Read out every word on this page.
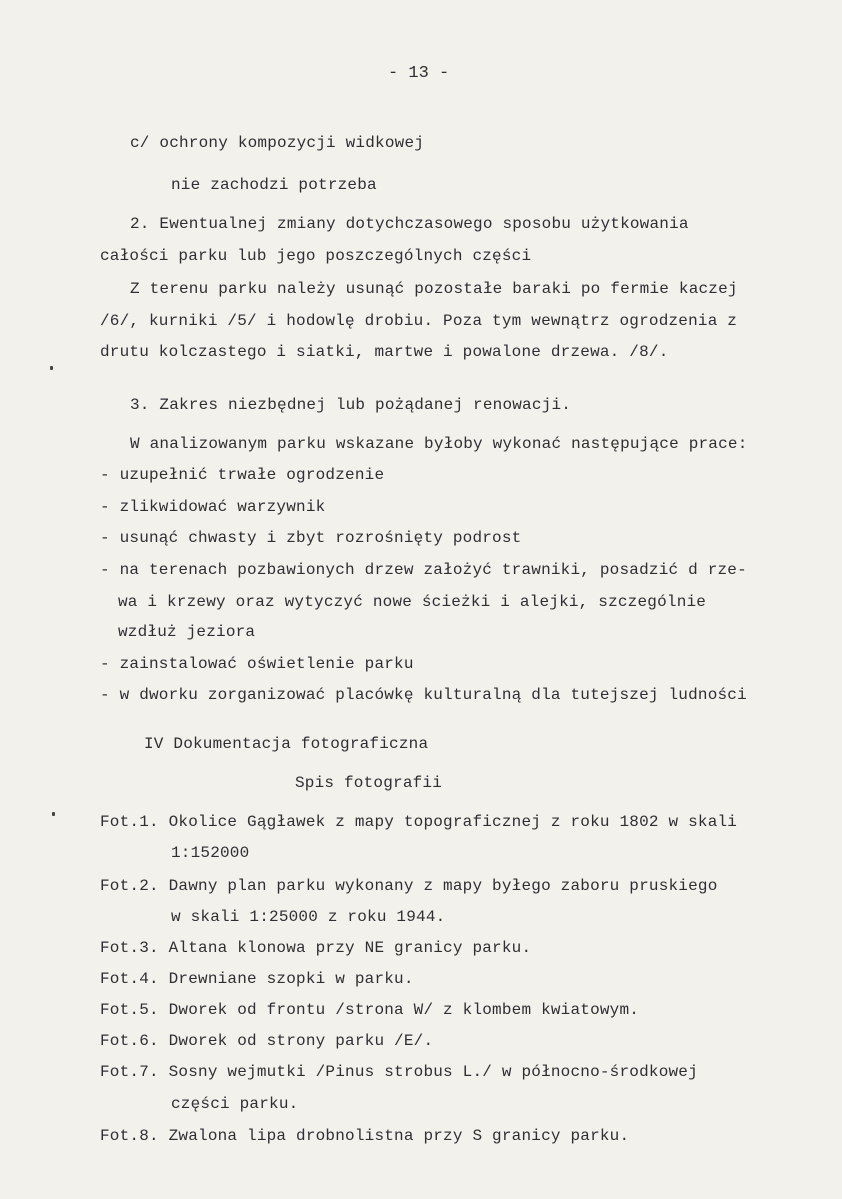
- 13 -
c/ ochrony kompozycji widkowej
nie zachodzi potrzeba
2. Ewentualnej zmiany dotychczasowego sposobu użytkowania
całości parku lub jego poszczególnych części
Z terenu parku należy usunąć pozostałe baraki po fermie kaczej
/6/, kurniki /5/ i hodowlę drobiu. Poza tym wewnątrz ogrodzenia z
drutu kolczastego i siatki, martwe i powalone drzewa. /8/.
3. Zakres niezbędnej lub pożądanej renowacji.
W analizowanym parku wskazane byłoby wykonać następujące prace:
- uzupełnić trwałe ogrodzenie
- zlikwidować warzywnik
- usunąć chwasty i zbyt rozrośnięty podrost
- na terenach pozbawionych drzew założyć trawniki, posadzić d rze-
wa i krzewy oraz wytyczyć nowe ścieżki i alejki, szczególnie
wzdłuż jeziora
- zainstalować oświetlenie parku
- w dworku zorganizować placówkę kulturalną dla tutejszej ludności
IV Dokumentacja fotograficzna
Spis fotografii
Fot.1. Okolice Gągławek z mapy topograficznej z roku 1802 w skali
1:152000
Fot.2. Dawny plan parku wykonany z mapy byłego zaboru pruskiego
w skali 1:25000 z roku 1944.
Fot.3. Altana klonowa przy NE granicy parku.
Fot.4. Drewniane szopki w parku.
Fot.5. Dworek od frontu /strona W/ z klombem kwiatowym.
Fot.6. Dworek od strony parku /E/.
Fot.7. Sosny wejmutki /Pinus strobus L./ w północno-środkowej
części parku.
Fot.8. Zwalona lipa drobnolistna przy S granicy parku.
